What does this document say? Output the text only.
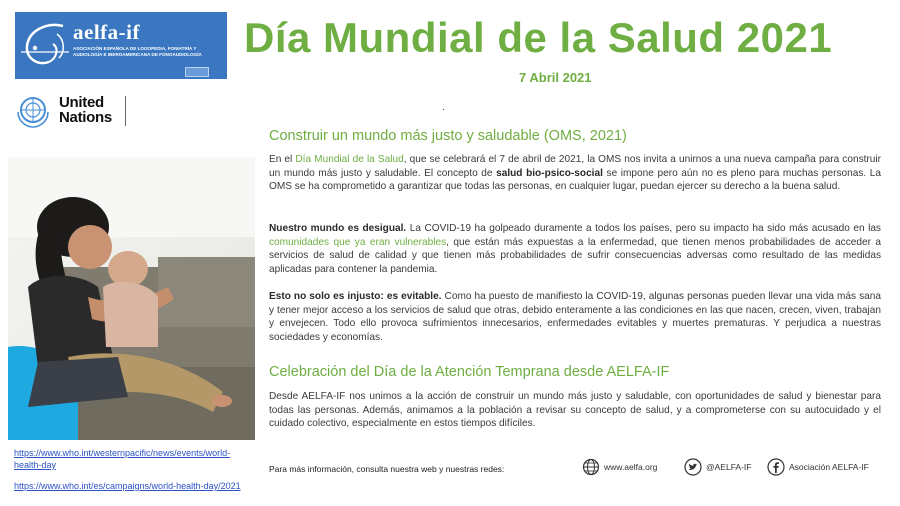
aelfa-if
ASOCIACIÓN ESPAÑOLA DE LOGOPEDIA, FONIATRÍA Y AUDIOLOGÍA E IBEROAMERICANA DE FONOAUDIOLOGÍA	Día Mundial de la Salud 2021
7 Abril 2021
United
Nations
.
https://www.who.int/westernpacific/news/events/world-health-day
https://www.who.int/es/campaigns/world-health-day/2021
Construir un mundo más justo y saludable (OMS, 2021)
En el Día Mundial de la Salud, que se celebrará el 7 de abril de 2021, la OMS nos invita a unirnos a una nueva campaña para construir un mundo más justo y saludable. El concepto de salud bio-psico-social se impone pero aún no es pleno para muchas personas. La OMS se ha comprometido a garantizar que todas las personas, en cualquier lugar, puedan ejercer su derecho a la buena salud.
Nuestro mundo es desigual. La COVID-19 ha golpeado duramente a todos los países, pero su impacto ha sido más acusado en las comunidades que ya eran vulnerables, que están más expuestas a la enfermedad, que tienen menos probabilidades de acceder a servicios de salud de calidad y que tienen más probabilidades de sufrir consecuencias adversas como resultado de las medidas aplicadas para contener la pandemia.
Esto no solo es injusto: es evitable. Como ha puesto de manifiesto la COVID-19, algunas personas pueden llevar una vida más sana y tener mejor acceso a los servicios de salud que otras, debido enteramente a las condiciones en las que nacen, crecen, viven, trabajan y envejecen. Todo ello provoca sufrimientos innecesarios, enfermedades evitables y muertes prematuras. Y perjudica a nuestras sociedades y economías.
Celebración del Día de la Atención Temprana desde AELFA-IF
Desde AELFA-IF nos unimos a la acción de construir un mundo más justo y saludable, con oportunidades de salud y bienestar para todas las personas. Además, animamos a la población a revisar su concepto de salud, y a comprometerse con su autocuidado y el cuidado colectivo, especialmente en estos tiempos difíciles.
Para más información, consulta nuestra web y nuestras redes:	www.aelfa.org	@AELFA-IF	Asociación AELFA-IF
